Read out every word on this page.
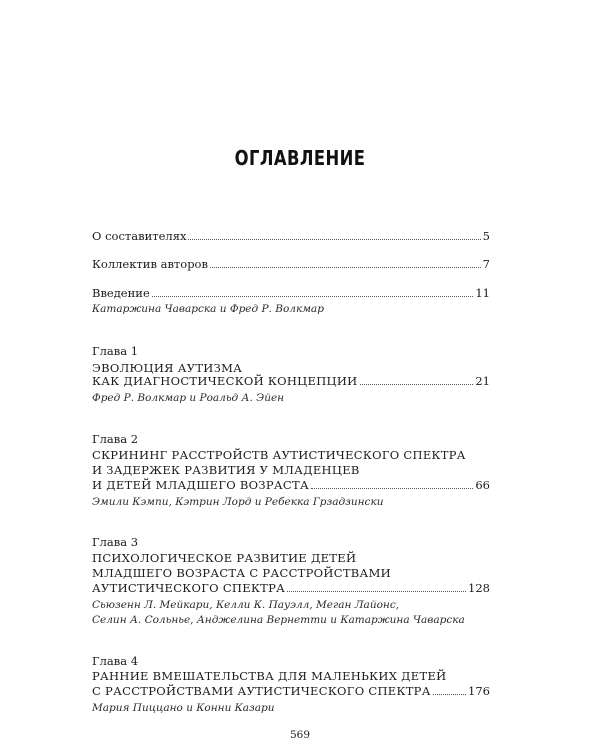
ОГЛАВЛЕНИЕ
О составителях	5
Коллектив авторов	7
Введение	11
Катаржина Чаварска и Фред Р. Волкмар
Глава 1
ЭВОЛЮЦИЯ АУТИЗМА
КАК ДИАГНОСТИЧЕСКОЙ КОНЦЕПЦИИ	21
Фред Р. Волкмар и Роальд А. Эйен
Глава 2
СКРИНИНГ РАССТРОЙСТВ АУТИСТИЧЕСКОГО СПЕКТРА
И ЗАДЕРЖЕК РАЗВИТИЯ У МЛАДЕНЦЕВ
И ДЕТЕЙ МЛАДШЕГО ВОЗРАСТА	66
Эмили Кэмпи, Кэтрин Лорд и Ребекка Грзадзински
Глава 3
ПСИХОЛОГИЧЕСКОЕ РАЗВИТИЕ ДЕТЕЙ
МЛАДШЕГО ВОЗРАСТА С РАССТРОЙСТВАМИ
АУТИСТИЧЕСКОГО СПЕКТРА	128
Сьюзенн Л. Мейкари, Келли К. Пауэлл, Меган Лайонс,
Селин А. Сольнье, Анджелина Вернетти и Катаржина Чаварска
Глава 4
РАННИЕ ВМЕШАТЕЛЬСТВА ДЛЯ МАЛЕНЬКИХ ДЕТЕЙ
С РАССТРОЙСТВАМИ АУТИСТИЧЕСКОГО СПЕКТРА	176
Мария Пиццано и Конни Казари
569
